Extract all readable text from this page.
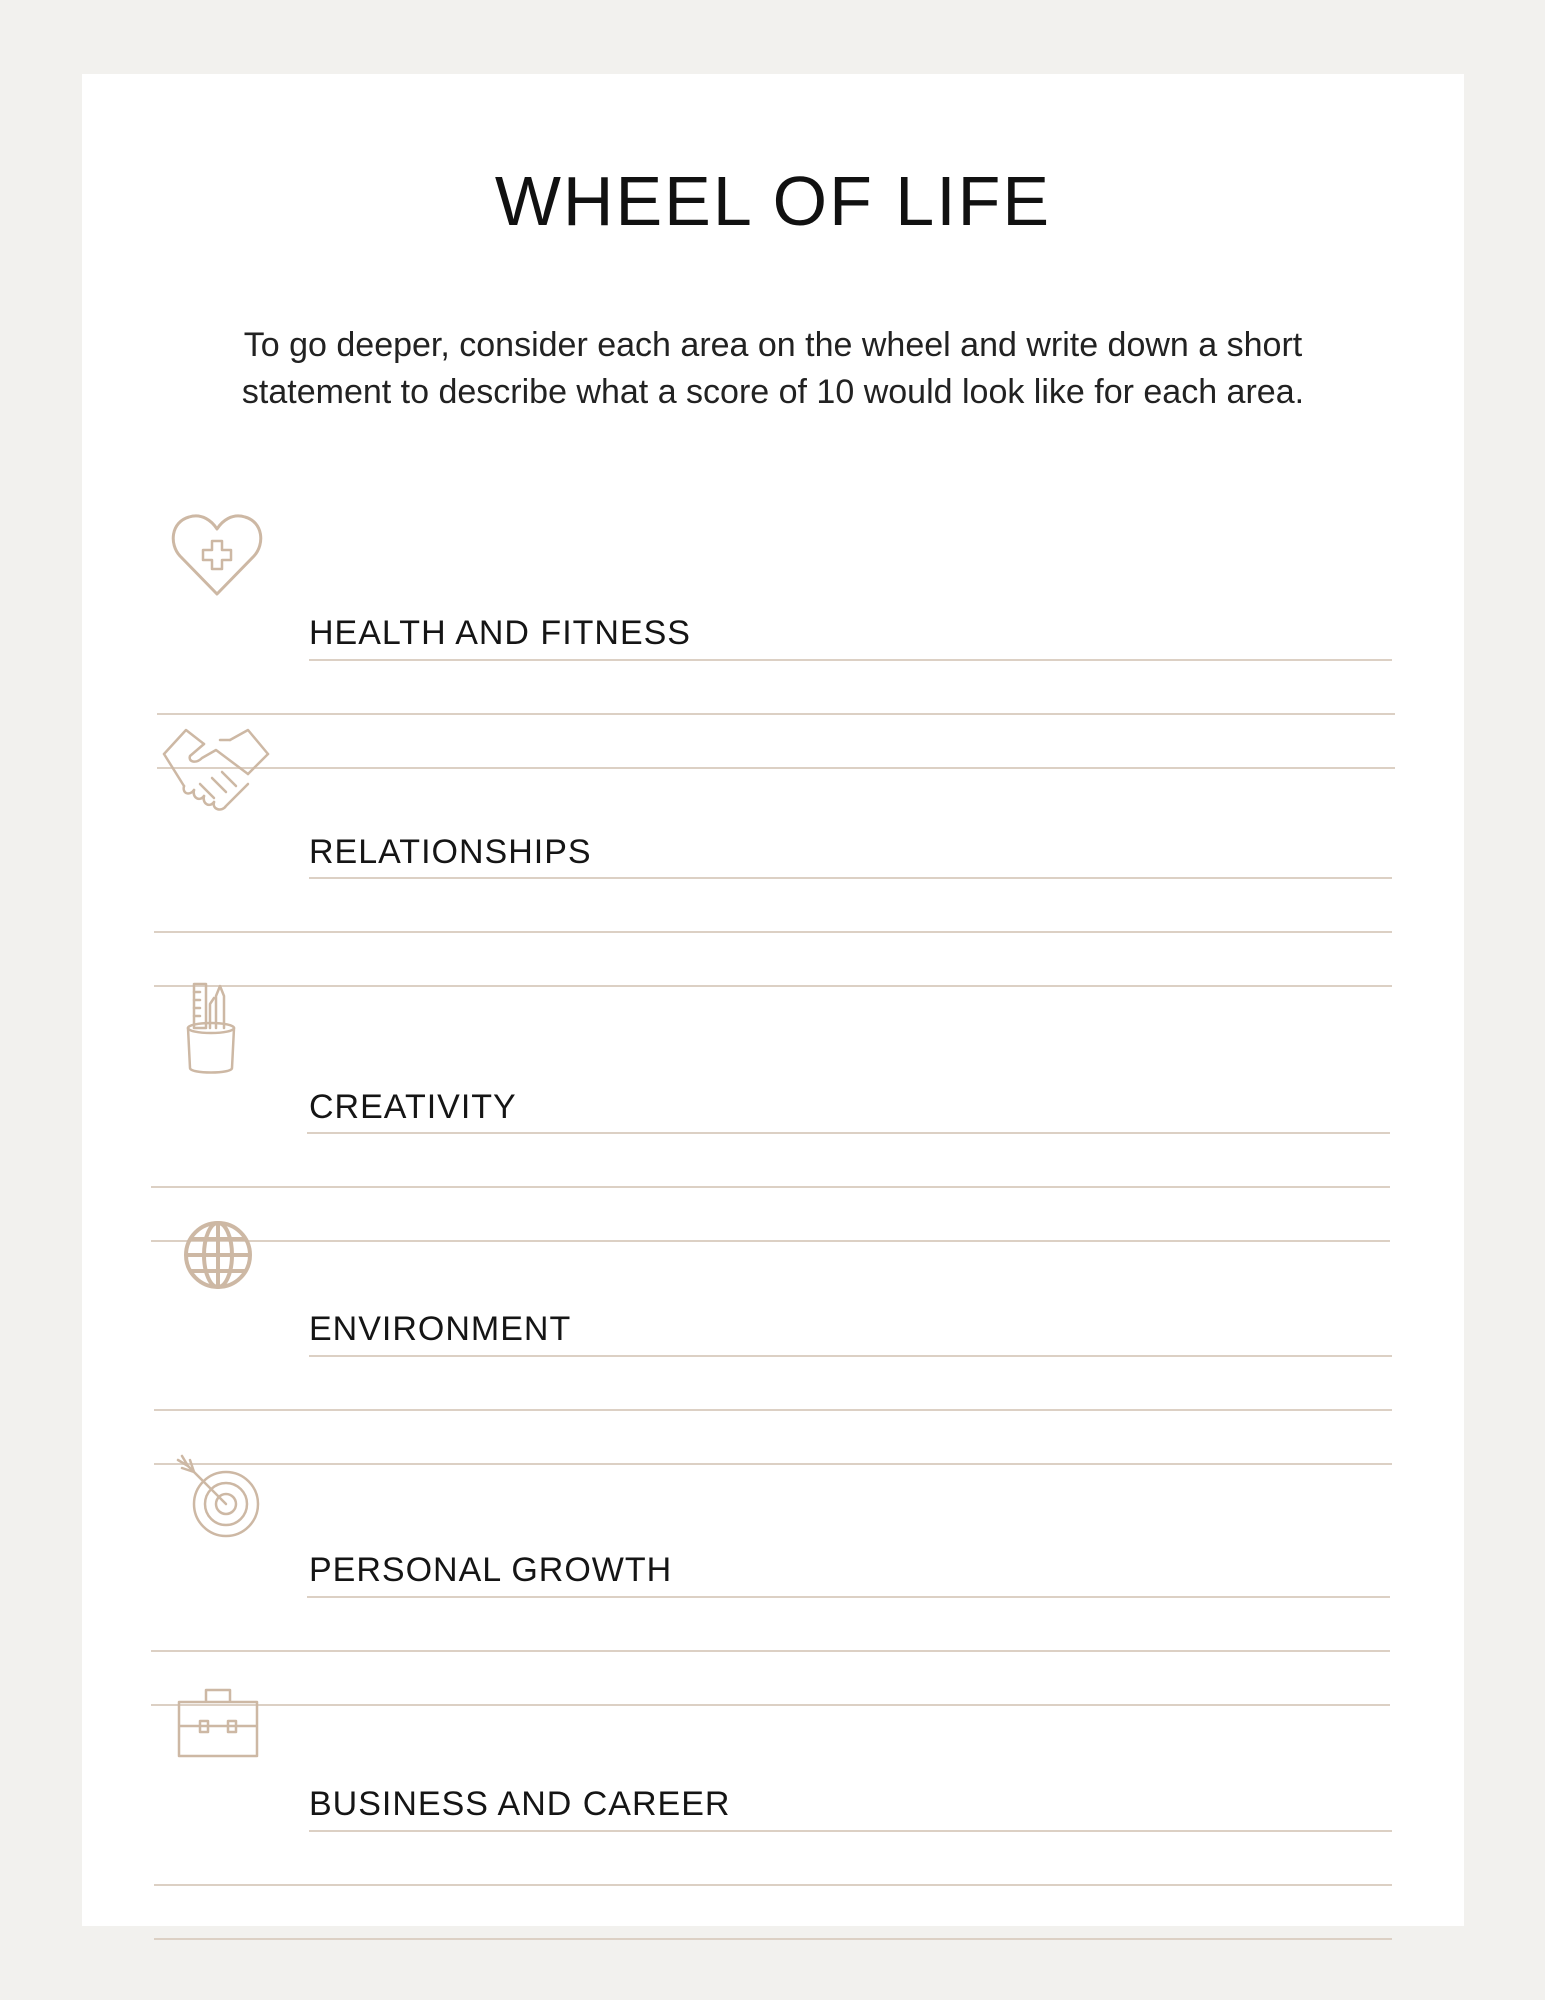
WHEEL OF LIFE
To go deeper, consider each area on the wheel and write down a short
statement to describe what a score of 10 would look like for each area.
HEALTH AND FITNESS
RELATIONSHIPS
CREATIVITY
ENVIRONMENT
PERSONAL GROWTH
BUSINESS AND CAREER
